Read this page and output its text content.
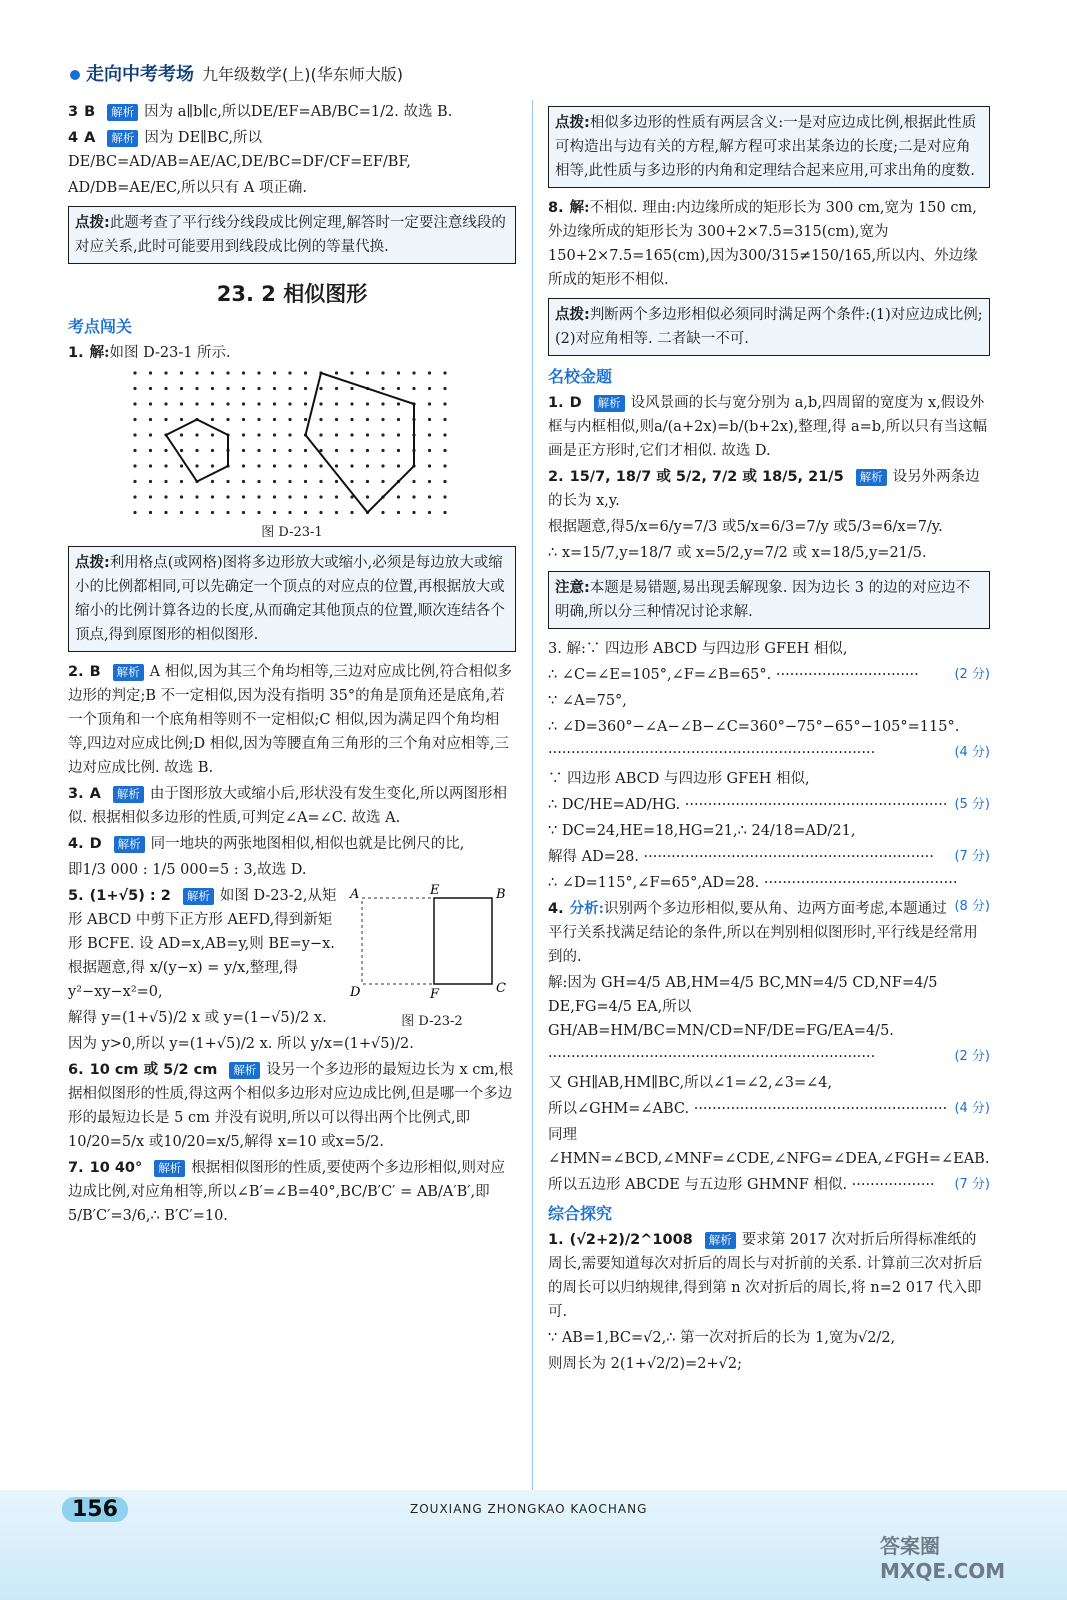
走向中考考场 九年级数学(上)(华东师大版)
3 B 解析 因为 a∥b∥c,所以DE/EF=AB/BC=1/2. 故选 B.
4 A 解析 因为 DE∥BC,所以DE/BC=AD/AB=AE/AC,DE/BC=DF/CF=EF/BF,
AD/DB=AE/EC,所以只有 A 项正确.
点拨:此题考查了平行线分线段成比例定理,解答时一定要注意线段的对应关系,此时可能要用到线段成比例的等量代换.
23. 2 相似图形
考点闯关
1. 解:如图 D-23-1 所示.
图 D-23-1
点拨:利用格点(或网格)图将多边形放大或缩小,必须是每边放大或缩小的比例都相同,可以先确定一个顶点的对应点的位置,再根据放大或缩小的比例计算各边的长度,从而确定其他顶点的位置,顺次连结各个顶点,得到原图形的相似图形.
2. B 解析 A 相似,因为其三个角均相等,三边对应成比例,符合相似多边形的判定;B 不一定相似,因为没有指明 35°的角是顶角还是底角,若一个顶角和一个底角相等则不一定相似;C 相似,因为满足四个角均相等,四边对应成比例;D 相似,因为等腰直角三角形的三个角对应相等,三边对应成比例. 故选 B.
3. A 解析 由于图形放大或缩小后,形状没有发生变化,所以两图形相似. 根据相似多边形的性质,可判定∠A=∠C. 故选 A.
4. D 解析 同一地块的两张地图相似,相似也就是比例尺的比,
即1/3 000 : 1/5 000=5 : 3,故选 D.
5. (1+√5) : 2 解析 如图 D-23-2,从矩形 ABCD 中剪下正方形 AEFD,得到新矩形 BCFE. 设 AD=x,AB=y,则 BE=y−x. 根据题意,得 x/(y−x) = y/x,整理,得 y²−xy−x²=0,
A	E	B
D	F	C
图 D-23-2
解得 y=(1+√5)/2 x 或 y=(1−√5)/2 x.
因为 y>0,所以 y=(1+√5)/2 x. 所以 y/x=(1+√5)/2.
6. 10 cm 或 5/2 cm 解析 设另一个多边形的最短边长为 x cm,根据相似图形的性质,得这两个相似多边形对应边成比例,但是哪一个多边形的最短边长是 5 cm 并没有说明,所以可以得出两个比例式,即10/20=5/x 或10/20=x/5,解得 x=10 或x=5/2.
7. 10 40° 解析 根据相似图形的性质,要使两个多边形相似,则对应边成比例,对应角相等,所以∠B′=∠B=40°,BC/B′C′ = AB/A′B′,即5/B′C′=3/6,∴ B′C′=10.
点拨:相似多边形的性质有两层含义:一是对应边成比例,根据此性质可构造出与边有关的方程,解方程可求出某条边的长度;二是对应角相等,此性质与多边形的内角和定理结合起来应用,可求出角的度数.
8. 解:不相似. 理由:内边缘所成的矩形长为 300 cm,宽为 150 cm,外边缘所成的矩形长为 300+2×7.5=315(cm),宽为 150+2×7.5=165(cm),因为300/315≠150/165,所以内、外边缘所成的矩形不相似.
点拨:判断两个多边形相似必须同时满足两个条件:(1)对应边成比例;(2)对应角相等. 二者缺一不可.
名校金题
1. D 解析 设风景画的长与宽分别为 a,b,四周留的宽度为 x,假设外框与内框相似,则a/(a+2x)=b/(b+2x),整理,得 a=b,所以只有当这幅画是正方形时,它们才相似. 故选 D.
2. 15/7, 18/7 或 5/2, 7/2 或 18/5, 21/5 解析 设另外两条边的长为 x,y.
根据题意,得5/x=6/y=7/3 或5/x=6/3=7/y 或5/3=6/x=7/y.
∴ x=15/7,y=18/7 或 x=5/2,y=7/2 或 x=18/5,y=21/5.
注意:本题是易错题,易出现丢解现象. 因为边长 3 的边的对应边不明确,所以分三种情况讨论求解.
3. 解:∵ 四边形 ABCD 与四边形 GFEH 相似,
∴ ∠C=∠E=105°,∠F=∠B=65°. ·······························	(2 分)
∵ ∠A=75°,
∴ ∠D=360°−∠A−∠B−∠C=360°−75°−65°−105°=115°.
·······································································	(4 分)
∵ 四边形 ABCD 与四边形 GFEH 相似,
∴ DC/HE=AD/HG. ························································· (5 分)
∵ DC=24,HE=18,HG=21,∴ 24/18=AD/21,
解得 AD=28. ······························································· (7 分)
∴ ∠D=115°,∠F=65°,AD=28. ··········································
(8 分)
4. 分析:识别两个多边形相似,要从角、边两方面考虑,本题通过平行关系找满足结论的条件,所以在判别相似图形时,平行线是经常用到的.
解:因为 GH=4/5 AB,HM=4/5 BC,MN=4/5 CD,NF=4/5 DE,FG=4/5 EA,所以GH/AB=HM/BC=MN/CD=NF/DE=FG/EA=4/5.
·······································································	(2 分)
又 GH∥AB,HM∥BC,所以∠1=∠2,∠3=∠4,
所以∠GHM=∠ABC. ······················································· (4 分)
同理∠HMN=∠BCD,∠MNF=∠CDE,∠NFG=∠DEA,∠FGH=∠EAB.
所以五边形 ABCDE 与五边形 GHMNF 相似. ·················· (7 分)
综合探究
1. (√2+2)/2^1008 解析 要求第 2017 次对折后所得标准纸的周长,需要知道每次对折后的周长与对折前的关系. 计算前三次对折后的周长可以归纳规律,得到第 n 次对折后的周长,将 n=2 017 代入即可.
∵ AB=1,BC=√2,∴ 第一次对折后的长为 1,宽为√2/2,
则周长为 2(1+√2/2)=2+√2;
156	ZOUXIANG ZHONGKAO KAOCHANG
答案圈 MXQE.COM
